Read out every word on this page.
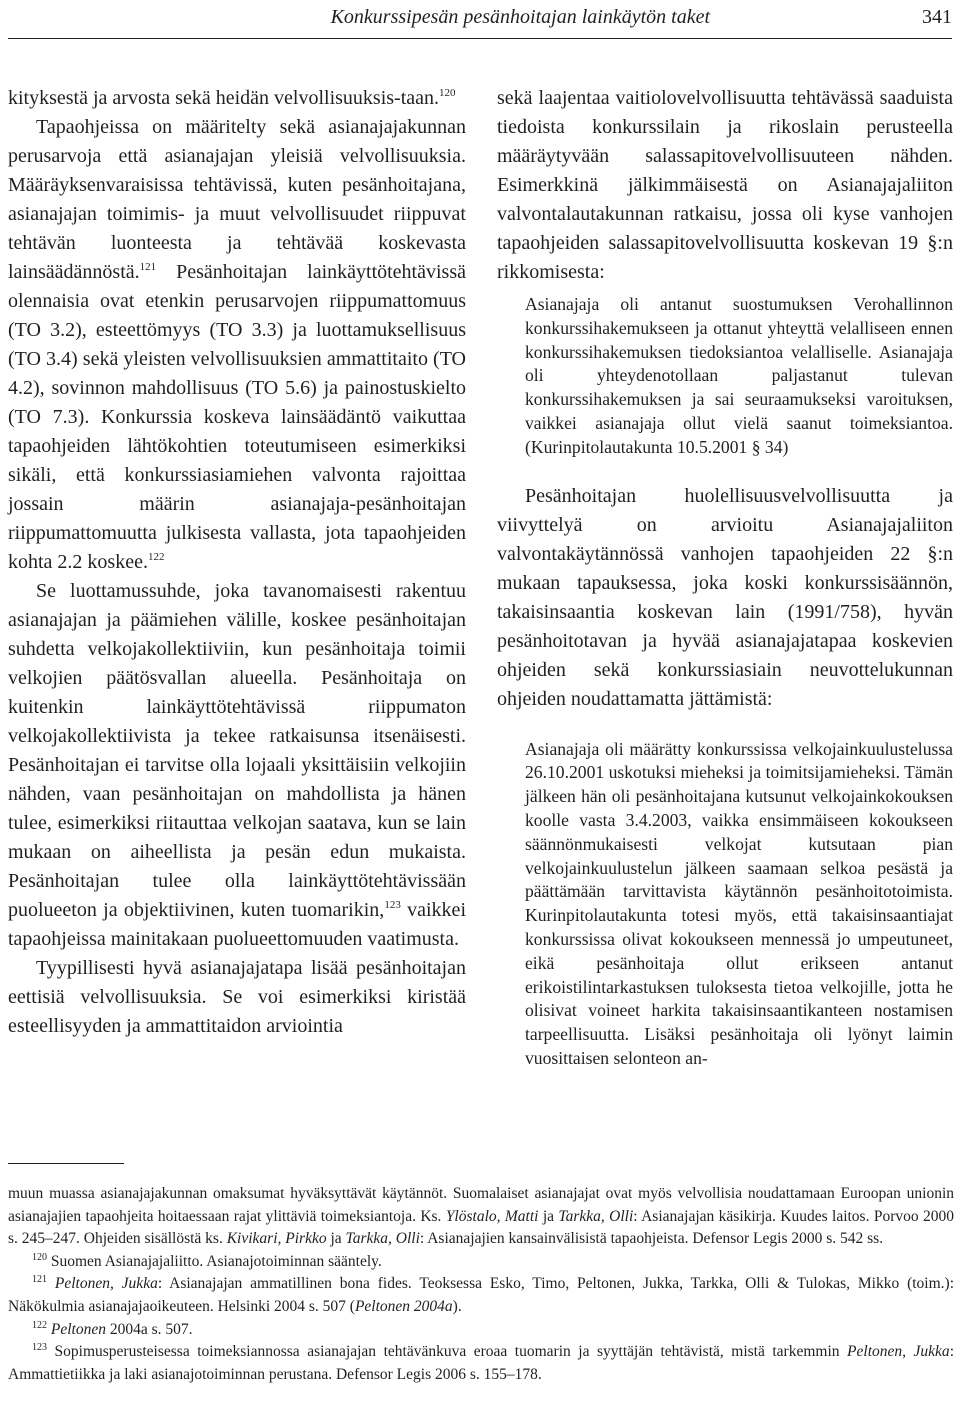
Konkurssipesän pesänhoitajan lainkäytön taket	341

kityksestä ja arvosta sekä heidän velvollisuuksis-taan.$^{120}$

Tapaohjeissa on määritelty sekä asianajajakunnan perusarvoja että asianajajan yleisiä velvollisuuksia. Määräyksenvaraisissa tehtävissä, kuten pesänhoitajana, asianajajan toimimis- ja muut velvollisuudet riippuvat tehtävän luonteesta ja tehtävää koskevasta lainsäädännöstä.$^{121}$ Pesänhoitajan lainkäyttötehtävissä olennaisia ovat etenkin perusarvojen riippumattomuus (TO 3.2), esteettömyys (TO 3.3) ja luottamuksellisuus (TO 3.4) sekä yleisten velvollisuuksien ammattitaito (TO 4.2), sovinnon mahdollisuus (TO 5.6) ja painostuskielto (TO 7.3). Konkurssia koskeva lainsäädäntö vaikuttaa tapaohjeiden lähtökohtien toteutumiseen esimerkiksi sikäli, että konkurssiasiamiehen valvonta rajoittaa jossain määrin asianajaja-pesänhoitajan riippumattomuutta julkisesta vallasta, jota tapaohjeiden kohta 2.2 koskee.$^{122}$

Se luottamussuhde, joka tavanomaisesti rakentuu asianajajan ja päämiehen välille, koskee pesänhoitajan suhdetta velkojakollektiiviin, kun pesänhoitaja toimii velkojien päätösvallan alueella. Pesänhoitaja on kuitenkin lainkäyttötehtävissä riippumaton velkojakollektiivista ja tekee ratkaisunsa itsenäisesti. Pesänhoitajan ei tarvitse olla lojaali yksittäisiin velkojiin nähden, vaan pesänhoitajan on mahdollista ja hänen tulee, esimerkiksi riitauttaa velkojan saatava, kun se lain mukaan on aiheellista ja pesän edun mukaista. Pesänhoitajan tulee olla lainkäyttötehtävissään puolueeton ja objektiivinen, kuten tuomarikin,$^{123}$ vaikkei tapaohjeissa mainitakaan puolueettomuuden vaatimusta.

Tyypillisesti hyvä asianajajatapa lisää pesänhoitajan eettisiä velvollisuuksia. Se voi esimerkiksi kiristää esteellisyyden ja ammattitaidon arviointia

sekä laajentaa vaitiolovelvollisuutta tehtävässä saaduista tiedoista konkurssilain ja rikoslain perusteella määräytyvään salassapitovelvollisuuteen nähden. Esimerkkinä jälkimmäisestä on Asianajajaliiton valvontalautakunnan ratkaisu, jossa oli kyse vanhojen tapaohjeiden salassapitovelvollisuutta koskevan 19 §:n rikkomisesta:

Asianajaja oli antanut suostumuksen Verohallinnon konkurssihakemukseen ja ottanut yhteyttä velalliseen ennen konkurssihakemuksen tiedoksiantoa velalliselle. Asianajaja oli yhteydenotollaan paljastanut tulevan konkurssihakemuksen ja sai seuraamukseksi varoituksen, vaikkei asianajaja ollut vielä saanut toimeksiantoa. (Kurinpitolautakunta 10.5.2001 § 34)

Pesänhoitajan huolellisuusvelvollisuutta ja viivyttelyä on arvioitu Asianajajaliiton valvontakäytännössä vanhojen tapaohjeiden 22 §:n mukaan tapauksessa, joka koski konkurssisäännön, takaisinsaantia koskevan lain (1991/758), hyvän pesänhoitotavan ja hyvää asianajajatapaa koskevien ohjeiden sekä konkurssiasiain neuvottelukunnan ohjeiden noudattamatta jättämistä:

Asianajaja oli määrätty konkurssissa velkojainkuulustelussa 26.10.2001 uskotuksi mieheksi ja toimitsijamieheksi. Tämän jälkeen hän oli pesänhoitajana kutsunut velkojainkokouksen koolle vasta 3.4.2003, vaikka ensimmäiseen kokoukseen säännönmukaisesti velkojat kutsutaan pian velkojainkuulustelun jälkeen saamaan selkoa pesästä ja päättämään tarvittavista käytännön pesänhoitotoimista. Kurinpitolautakunta totesi myös, että takaisinsaantiajat konkurssissa olivat kokoukseen mennessä jo umpeutuneet, eikä pesänhoitaja ollut erikseen antanut erikoistilintarkastuksen tuloksesta tietoa velkojille, jotta he olisivat voineet harkita takaisinsaantikanteen nostamisen tarpeellisuutta. Lisäksi pesänhoitaja oli lyönyt laimin vuosittaisen selonteon an-

muun muassa asianajajakunnan omaksumat hyväksyttävät käytännöt. Suomalaiset asianajajat ovat myös velvollisia noudattamaan Euroopan unionin asianajajien tapaohjeita hoitaessaan rajat ylittäviä toimeksiantoja. Ks. Ylöstalo, Matti ja Tarkka, Olli: Asianajajan käsikirja. Kuudes laitos. Porvoo 2000 s. 245–247. Ohjeiden sisällöstä ks. Kivikari, Pirkko ja Tarkka, Olli: Asianajajien kansainvälisistä tapaohjeista. Defensor Legis 2000 s. 542 ss.

$^{120}$ Suomen Asianajajaliitto. Asianajotoiminnan sääntely.

$^{121}$ Peltonen, Jukka: Asianajajan ammatillinen bona fides. Teoksessa Esko, Timo, Peltonen, Jukka, Tarkka, Olli & Tulokas, Mikko (toim.): Näkökulmia asianajajaoikeuteen. Helsinki 2004 s. 507 (Peltonen 2004a).

$^{122}$ Peltonen 2004a s. 507.

$^{123}$ Sopimusperusteisessa toimeksiannossa asianajajan tehtävänkuva eroaa tuomarin ja syyttäjän tehtävistä, mistä tarkemmin Peltonen, Jukka: Ammattietiikka ja laki asianajotoiminnan perustana. Defensor Legis 2006 s. 155–178.
